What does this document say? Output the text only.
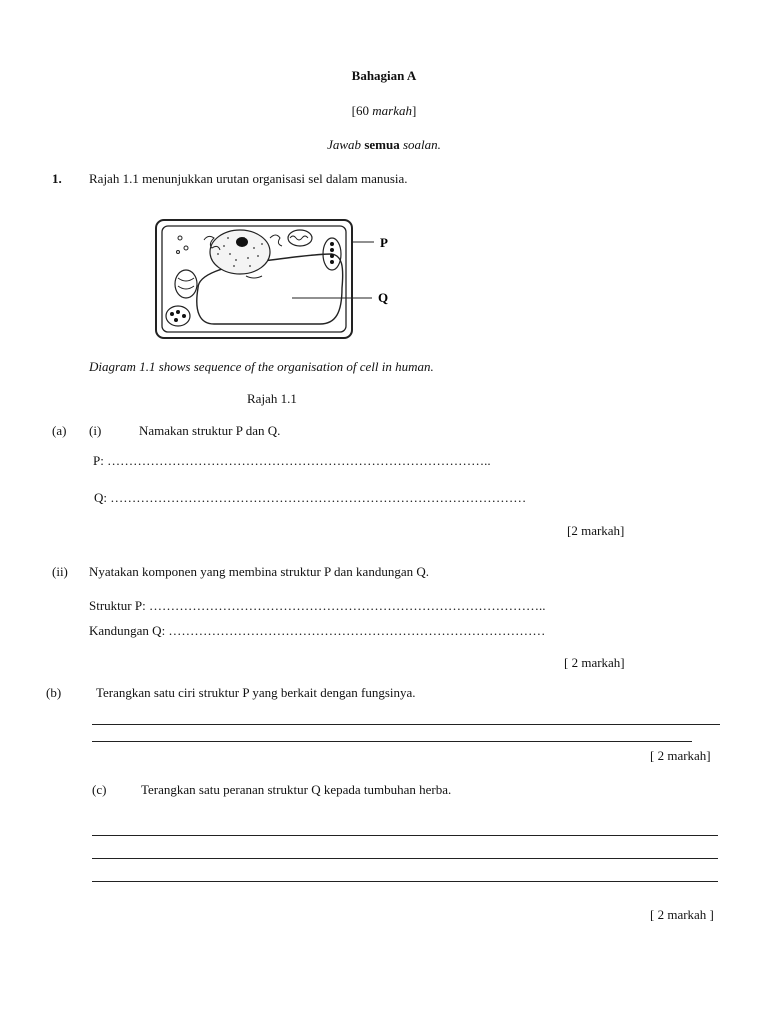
Bahagian A
[60 markah]
Jawab semua soalan.
1. Rajah 1.1 menunjukkan urutan organisasi sel dalam manusia.
P
Q
Diagram 1.1 shows sequence of the organisation of cell in human.
Rajah 1.1
(a) (i)	Namakan struktur P dan Q.
P: ……………………………………………………………………………..
Q: ……………………………………………………………………………………
[2 markah]
(ii) Nyatakan komponen yang membina struktur P dan kandungan Q.
Struktur P: ………………………………………………………………………………..
Kandungan Q: ……………………………………………………………………………
[ 2 markah]
(b)	Terangkan satu ciri struktur P yang berkait dengan fungsinya.
[ 2 markah]
(c)	Terangkan satu peranan struktur Q kepada tumbuhan herba.
[ 2 markah ]
